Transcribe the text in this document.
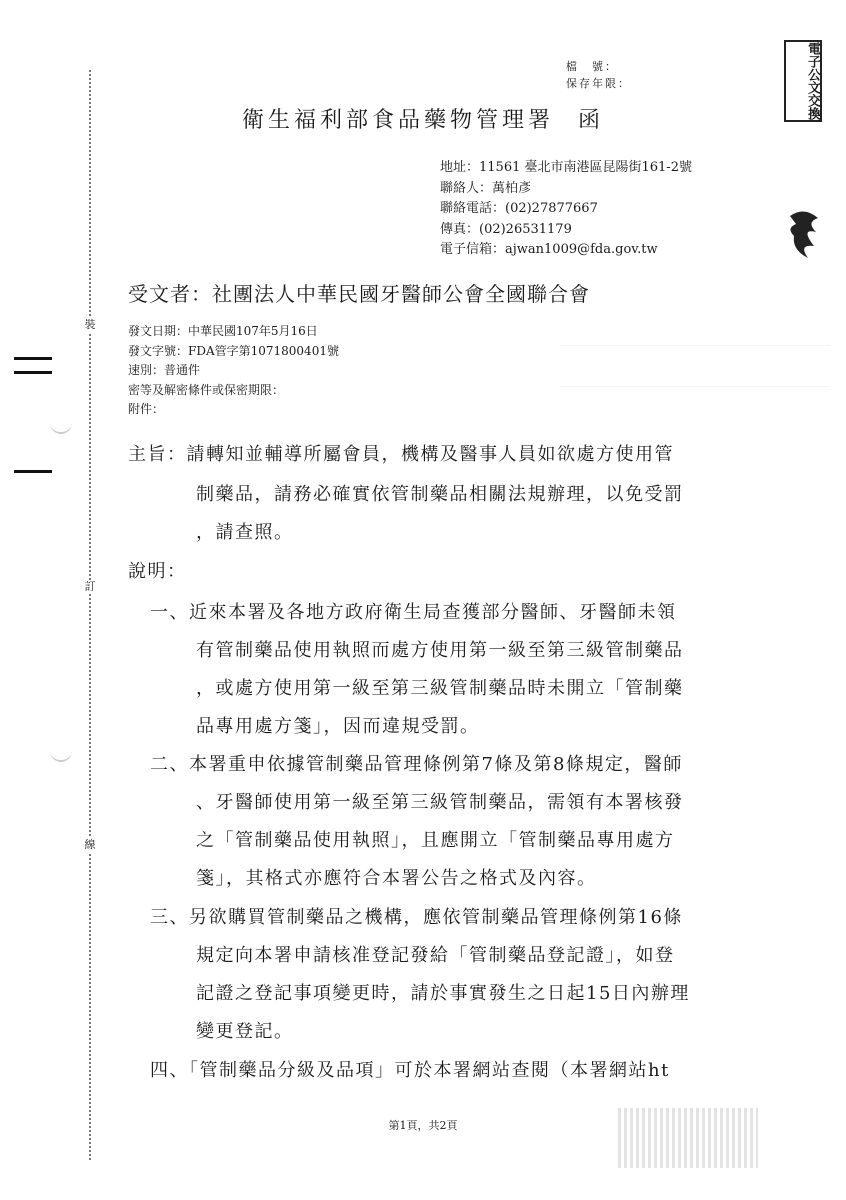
裝
訂
線
電子公文交換
檔　號：
保存年限：
衛生福利部食品藥物管理署 函
地址：11561 臺北市南港區昆陽街161-2號
聯絡人：萬柏彥
聯絡電話：(02)27877667
傳真：(02)26531179
電子信箱：ajwan1009@fda.gov.tw
受文者：社團法人中華民國牙醫師公會全國聯合會
發文日期：中華民國107年5月16日
發文字號：FDA管字第1071800401號
速別：普通件
密等及解密條件或保密期限：
附件：
主旨：請轉知並輔導所屬會員，機構及醫事人員如欲處方使用管
制藥品，請務必確實依管制藥品相關法規辦理，以免受罰
，請查照。
說明：
一、近來本署及各地方政府衛生局查獲部分醫師、牙醫師未領
有管制藥品使用執照而處方使用第一級至第三級管制藥品
，或處方使用第一級至第三級管制藥品時未開立「管制藥
品專用處方箋」，因而違規受罰。
二、本署重申依據管制藥品管理條例第7條及第8條規定，醫師
、牙醫師使用第一級至第三級管制藥品，需領有本署核發
之「管制藥品使用執照」，且應開立「管制藥品專用處方
箋」，其格式亦應符合本署公告之格式及內容。
三、另欲購買管制藥品之機構，應依管制藥品管理條例第16條
規定向本署申請核准登記發給「管制藥品登記證」，如登
記證之登記事項變更時，請於事實發生之日起15日內辦理
變更登記。
四、「管制藥品分級及品項」可於本署網站查閱（本署網站ht
第1頁，共2頁
